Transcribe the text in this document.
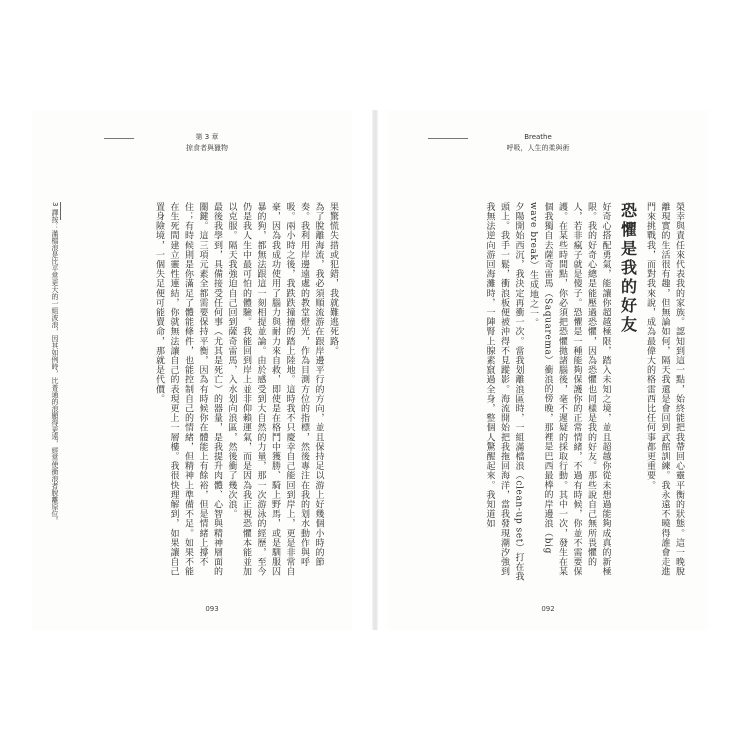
Breathe
呼吸，人生的柔與術

榮幸與責任來代表我的家族。認知到這一點，始終能把我帶回心靈平衡的狀態。這一晚脫離現實的生活很有趣，但無論如何，隔天我還是會回到武館訓練。我永遠不曉得誰會走進門來挑戰我，而對我來說，成為最偉大的格雷西比任何事都更重要。

恐懼是我的好友

好奇心搭配勇氣，能讓你超越極限，踏入未知之境，並且超越你從未想過能夠成真的新極限。我的好奇心總是能壓過恐懼，因為恐懼也同樣是我的好友。那些說自己無所畏懼的人，若非瘋子就是傻子。恐懼是一種能夠保護你的正常情緒，不過有時候，你並不需要保護。在某些時間點，你必須把恐懼拋諸腦後，毫不遲疑的採取行動。其中一次，發生在某個我獨自去薩奇雷馬（Saquarema）衝浪的傍晚，那裡是巴西最棒的岸邊浪（big wave break）生成地之一。

夕陽開始西沉，我決定再衝一次。當我划離浪區時，一組滿檔浪（clean-up set）打在我頭上。我手一鬆，衝浪板便被沖得不見蹤影。海流開始把我拖回海洋，當我發現潮汐強到我無法逆向游回海灘時，一陣腎上腺素竄過全身，整個人驚醒起來。我知道如

092
第 3 章
掠食者與獵物

果驚慌失措或犯錯，我就難逃死路。

為了脫離海流，我必須順流游在跟岸邊平行的方向，並且保持足以游上好幾個小時的節奏。我利用岸邊遠處的教堂燈光，作為目測方位的指標，然後專注在我的划水動作與呼吸。兩小時之後，我跌跌撞撞的踏上陸地。這時我不只慶幸自己能回到岸上，更是非常自豪，因為我成功使用了腦力與耐力來自救，即使是在格鬥中獲勝、騎上野馬，或是馴服囚暴的狗，都無法跟這一刻相提並論。由於感受到大自然的力量，那一次游泳的經歷，至今仍是我人生中最可怕的體驗。我能回到岸上並非仰賴運氣，而是因為我正視恐懼本能並加以克服。隔天我強迫自己回到薩奇雷馬，入水划向浪區，然後衝了幾次浪。

最後我學到，具備接受任何事（尤其是死亡）的器量，是我提升肉體、心智與精神層面的關鍵。這三項元素全都需要保持平衡，因為有時候你在體能上有餘裕，但是情緒上撐不住；有時候則是你滿足了體能條件，也能控制自己的情緒，但精神上準備不足。如果不能在生死間建立靈性連結，你就無法讓自己的表現更上一層樓。我很快理解到，如果讓自己置身險境，一個失足便可能賣命，那就是代價。

3 譯按：滿檔浪是比平常更大的一組波浪，因其如例時，比普通的浪顯得更遠，經常使衝浪者脫離原位。
093
